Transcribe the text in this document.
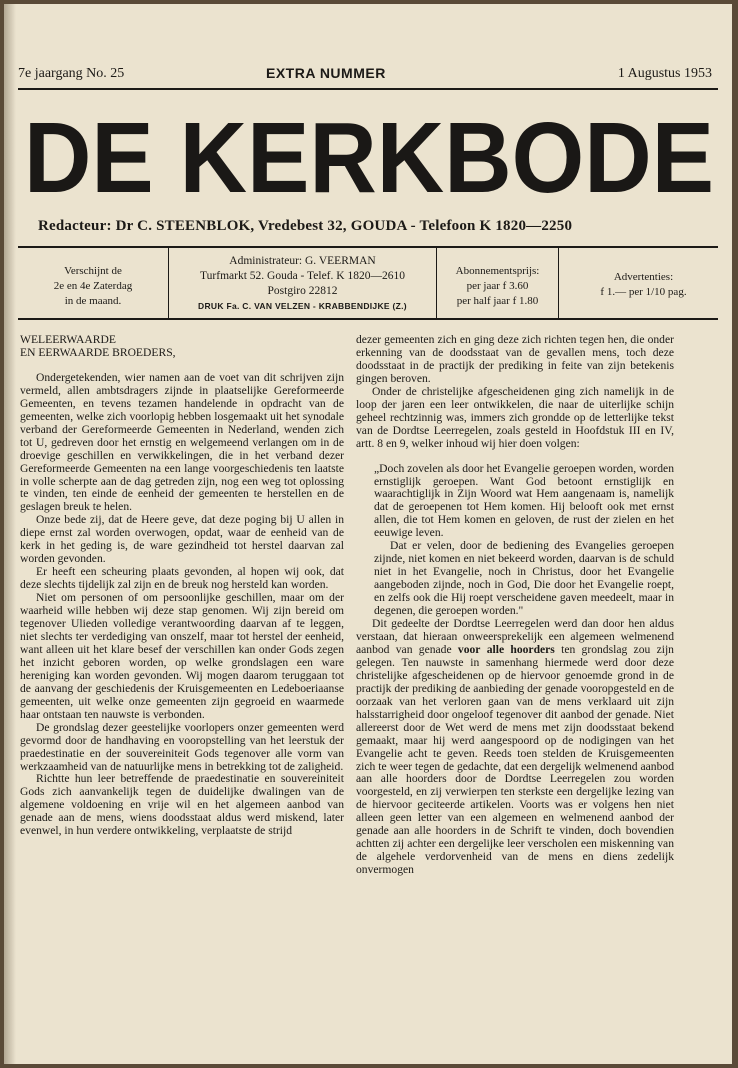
7e jaargang No. 25	EXTRA NUMMER	1 Augustus 1953
DE KERKBODE
Redacteur: Dr C. STEENBLOK, Vredebest 32, GOUDA - Telefoon K 1820—2250
Verschijnt de
2e en 4e Zaterdag
in de maand.
Administrateur: G. VEERMAN
Turfmarkt 52. Gouda - Telef. K 1820—2610
Postgiro 22812
DRUK Fa. C. VAN VELZEN - KRABBENDIJKE (Z.)
Abonnementsprijs:
per jaar f 3.60
per half jaar f 1.80
Advertenties:
f 1.— per 1/10 pag.

WELEERWAARDE
EN EERWAARDE BROEDERS,

Ondergetekenden, wier namen aan de voet van dit schrijven zijn vermeld, allen ambtsdragers zijnde in plaatselijke Gereformeerde Gemeenten, en tevens tezamen handelende in opdracht van de gemeenten, welke zich voorlopig hebben losgemaakt uit het synodale verband der Gereformeerde Gemeenten in Nederland, wenden zich tot U, gedreven door het ernstig en welgemeend verlangen om in de droevige geschillen en verwikkelingen, die in het verband dezer Gereformeerde Gemeenten na een lange voorgeschiedenis ten laatste in volle scherpte aan de dag getreden zijn, nog een weg tot oplossing te vinden, ten einde de eenheid der gemeenten te herstellen en de geslagen breuk te helen.

Onze bede zij, dat de Heere geve, dat deze poging bij U allen in diepe ernst zal worden overwogen, opdat, waar de eenheid van de kerk in het geding is, de ware gezindheid tot herstel daarvan zal worden gevonden.

Er heeft een scheuring plaats gevonden, al hopen wij ook, dat deze slechts tijdelijk zal zijn en de breuk nog hersteld kan worden.

Niet om personen of om persoonlijke geschillen, maar om der waarheid wille hebben wij deze stap genomen. Wij zijn bereid om tegenover Ulieden volledige verantwoording daarvan af te leggen, niet slechts ter verdediging van onszelf, maar tot herstel der eenheid, want alleen uit het klare besef der verschillen kan onder Gods zegen het inzicht geboren worden, op welke grondslagen een ware hereniging kan worden gevonden. Wij mogen daarom teruggaan tot de aanvang der geschiedenis der Kruisgemeenten en Ledeboeriaanse gemeenten, uit welke onze gemeenten zijn gegroeid en waarmede haar ontstaan ten nauwste is verbonden.

De grondslag dezer geestelijke voorlopers onzer gemeenten werd gevormd door de handhaving en vooropstelling van het leerstuk der praedestinatie en der souvereiniteit Gods tegenover alle vorm van werkzaamheid van de natuurlijke mens in betrekking tot de zaligheid.

Richtte hun leer betreffende de praedestinatie en souvereiniteit Gods zich aanvankelijk tegen de duidelijke dwalingen van de algemene voldoening en vrije wil en het algemeen aanbod van genade aan de mens, wiens doodsstaat aldus werd miskend, later evenwel, in hun verdere ontwikkeling, verplaatste de strijd

dezer gemeenten zich en ging deze zich richten tegen hen, die onder erkenning van de doodsstaat van de gevallen mens, toch deze doodsstaat in de practijk der prediking in feite van zijn betekenis gingen beroven.

Onder de christelijke afgescheidenen ging zich namelijk in de loop der jaren een leer ontwikkelen, die naar de uiterlijke schijn geheel rechtzinnig was, immers zich grondde op de letterlijke tekst van de Dordtse Leerregelen, zoals gesteld in Hoofdstuk III en IV, artt. 8 en 9, welker inhoud wij hier doen volgen:

„Doch zovelen als door het Evangelie geroepen worden, worden ernstiglijk geroepen. Want God betoont ernstiglijk en waarachtiglijk in Zijn Woord wat Hem aangenaam is, namelijk dat de geroepenen tot Hem komen. Hij belooft ook met ernst allen, die tot Hem komen en geloven, de rust der zielen en het eeuwige leven.

Dat er velen, door de bediening des Evangelies geroepen zijnde, niet komen en niet bekeerd worden, daarvan is de schuld niet in het Evangelie, noch in Christus, door het Evangelie aangeboden zijnde, noch in God, Die door het Evangelie roept, en zelfs ook die Hij roept verscheidene gaven meedeelt, maar in degenen, die geroepen worden."

Dit gedeelte der Dordtse Leerregelen werd dan door hen aldus verstaan, dat hieraan onweersprekelijk een algemeen welmenend aanbod van genade voor alle hoorders ten grondslag zou zijn gelegen. Ten nauwste in samenhang hiermede werd door deze christelijke afgescheidenen op de hiervoor genoemde grond in de practijk der prediking de aanbieding der genade vooropgesteld en de oorzaak van het verloren gaan van de mens verklaard uit zijn halsstarrigheid door ongeloof tegenover dit aanbod der genade. Niet allereerst door de Wet werd de mens met zijn doodsstaat bekend gemaakt, maar hij werd aangespoord op de nodigingen van het Evangelie acht te geven. Reeds toen stelden de Kruisgemeenten zich te weer tegen de gedachte, dat een dergelijk welmenend aanbod aan alle hoorders door de Dordtse Leerregelen zou worden voorgesteld, en zij verwierpen ten sterkste een dergelijke lezing van de hiervoor geciteerde artikelen. Voorts was er volgens hen niet alleen geen letter van een algemeen en welmenend aanbod der genade aan alle hoorders in de Schrift te vinden, doch bovendien achtten zij achter een dergelijke leer verscholen een miskenning van de algehele verdorvenheid van de mens en diens zedelijk onvermogen
